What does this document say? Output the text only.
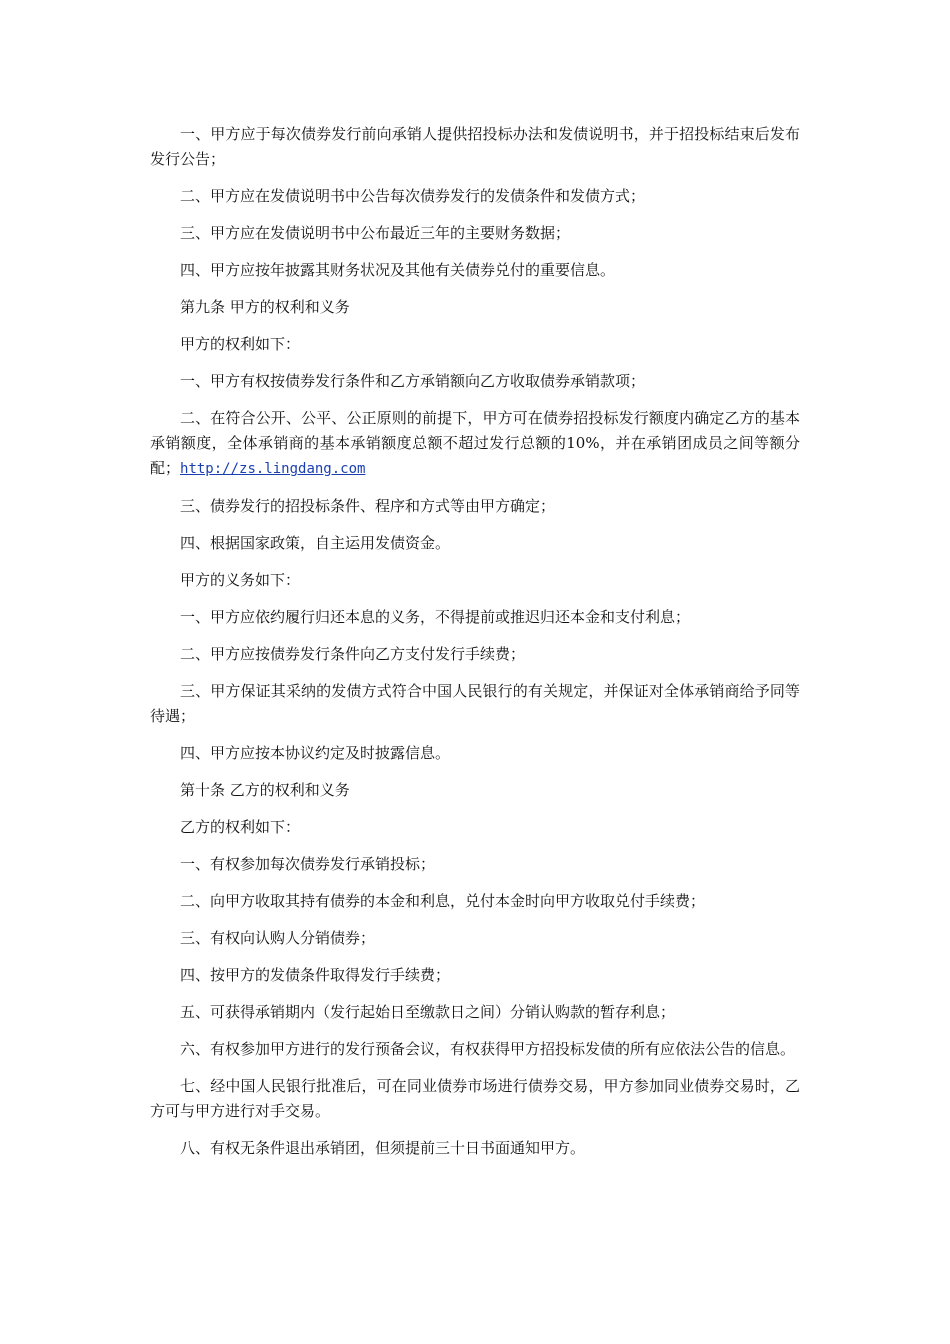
一、甲方应于每次债券发行前向承销人提供招投标办法和发债说明书，并于招投标结束后发布发行公告；

二、甲方应在发债说明书中公告每次债券发行的发债条件和发债方式；

三、甲方应在发债说明书中公布最近三年的主要财务数据；

四、甲方应按年披露其财务状况及其他有关债券兑付的重要信息。

第九条 甲方的权利和义务

甲方的权利如下：

一、甲方有权按债券发行条件和乙方承销额向乙方收取债券承销款项；

二、在符合公开、公平、公正原则的前提下，甲方可在债券招投标发行额度内确定乙方的基本承销额度，全体承销商的基本承销额度总额不超过发行总额的10%，并在承销团成员之间等额分配；http://zs.lingdang.com

三、债券发行的招投标条件、程序和方式等由甲方确定；

四、根据国家政策，自主运用发债资金。

甲方的义务如下：

一、甲方应依约履行归还本息的义务，不得提前或推迟归还本金和支付利息；

二、甲方应按债券发行条件向乙方支付发行手续费；

三、甲方保证其采纳的发债方式符合中国人民银行的有关规定，并保证对全体承销商给予同等待遇；

四、甲方应按本协议约定及时披露信息。

第十条 乙方的权利和义务

乙方的权利如下：

一、有权参加每次债券发行承销投标；

二、向甲方收取其持有债券的本金和利息，兑付本金时向甲方收取兑付手续费；

三、有权向认购人分销债券；

四、按甲方的发债条件取得发行手续费；

五、可获得承销期内（发行起始日至缴款日之间）分销认购款的暂存利息；

六、有权参加甲方进行的发行预备会议，有权获得甲方招投标发债的所有应依法公告的信息。

七、经中国人民银行批准后，可在同业债券市场进行债券交易，甲方参加同业债券交易时，乙方可与甲方进行对手交易。

八、有权无条件退出承销团，但须提前三十日书面通知甲方。
